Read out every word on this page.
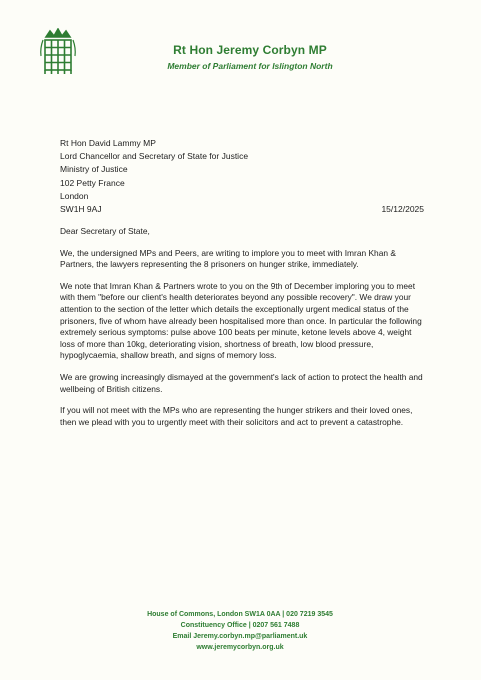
Rt Hon Jeremy Corbyn MP
Member of Parliament for Islington North
Rt Hon David Lammy MP
Lord Chancellor and Secretary of State for Justice
Ministry of Justice
102 Petty France
London
SW1H 9AJ	15/12/2025

Dear Secretary of State,

We, the undersigned MPs and Peers, are writing to implore you to meet with Imran Khan & Partners, the lawyers representing the 8 prisoners on hunger strike, immediately.

We note that Imran Khan & Partners wrote to you on the 9th of December imploring you to meet with them "before our client's health deteriorates beyond any possible recovery". We draw your attention to the section of the letter which details the exceptionally urgent medical status of the prisoners, five of whom have already been hospitalised more than once. In particular the following extremely serious symptoms: pulse above 100 beats per minute, ketone levels above 4, weight loss of more than 10kg, deteriorating vision, shortness of breath, low blood pressure, hypoglycaemia, shallow breath, and signs of memory loss.

We are growing increasingly dismayed at the government's lack of action to protect the health and wellbeing of British citizens.

If you will not meet with the MPs who are representing the hunger strikers and their loved ones, then we plead with you to urgently meet with their solicitors and act to prevent a catastrophe.

House of Commons, London SW1A 0AA | 020 7219 3545
Constituency Office | 0207 561 7488
Email Jeremy.corbyn.mp@parliament.uk
www.jeremycorbyn.org.uk
